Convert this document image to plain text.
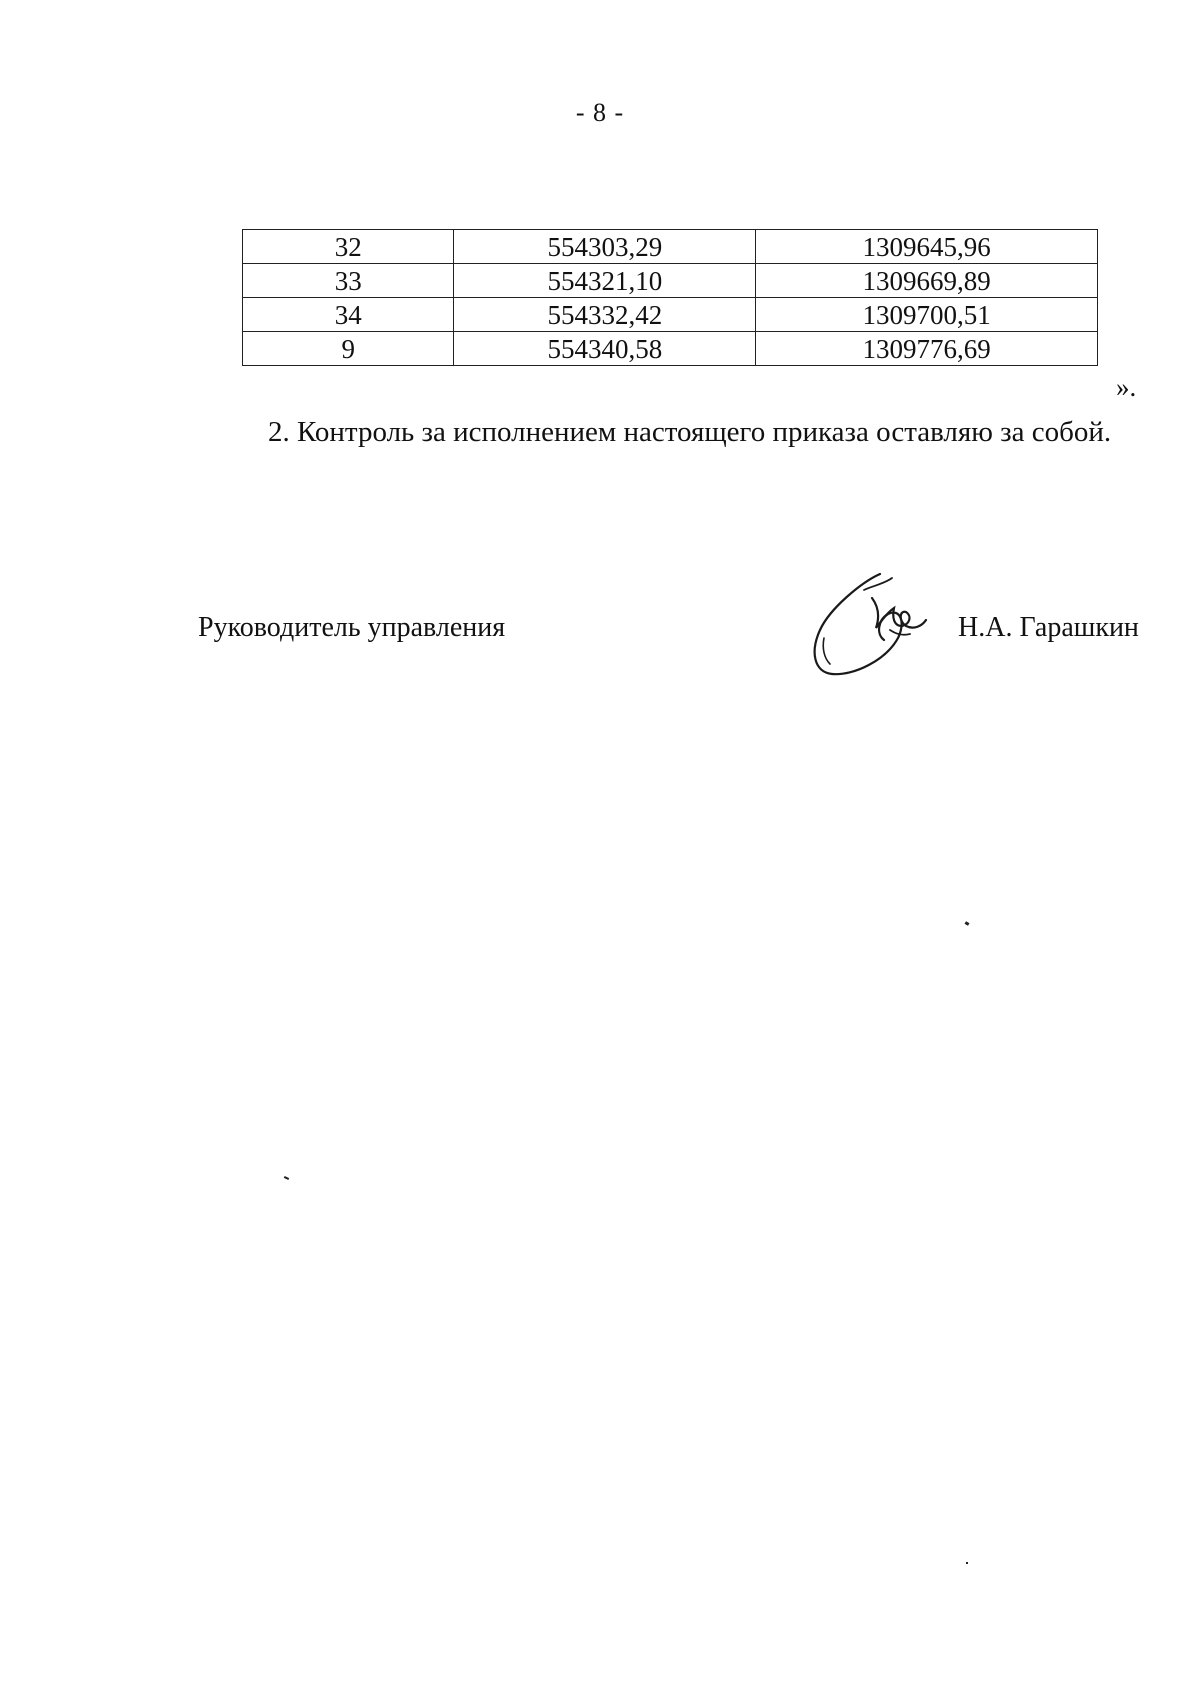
- 8 -
32	554303,29	1309645,96
33	554321,10	1309669,89
34	554332,42	1309700,51
9	554340,58	1309776,69
».
2. Контроль за исполнением настоящего приказа оставляю за собой.
Руководитель управления	Н.А. Гарашкин
